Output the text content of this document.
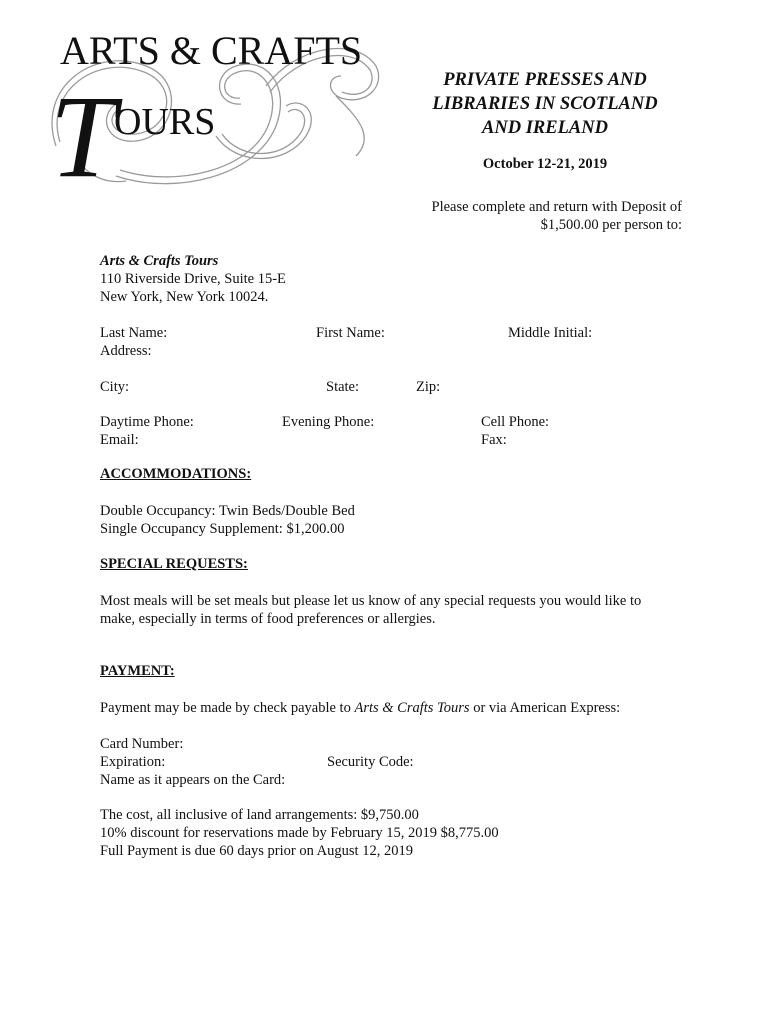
ARTS & CRAFTS
T
OURS
PRIVATE PRESSES AND
LIBRARIES IN SCOTLAND
AND IRELAND
October 12-21, 2019
Please complete and return with Deposit of
$1,500.00 per person to:
Arts & Crafts Tours
110 Riverside Drive, Suite 15-E
New York, New York 10024.
Last Name:	First Name:	Middle Initial:
Address:
City:	State:	Zip:
Daytime Phone:	Evening Phone:	Cell Phone:
Email:	Fax:
ACCOMMODATIONS:
Double Occupancy: Twin Beds/Double Bed
Single Occupancy Supplement: $1,200.00
SPECIAL REQUESTS:
Most meals will be set meals but please let us know of any special requests you would like to
make, especially in terms of food preferences or allergies.
PAYMENT:
Payment may be made by check payable to Arts & Crafts Tours or via American Express:
Card Number:
Expiration:	Security Code:
Name as it appears on the Card:
The cost, all inclusive of land arrangements: $9,750.00
10% discount for reservations made by February 15, 2019 $8,775.00
Full Payment is due 60 days prior on August 12, 2019
